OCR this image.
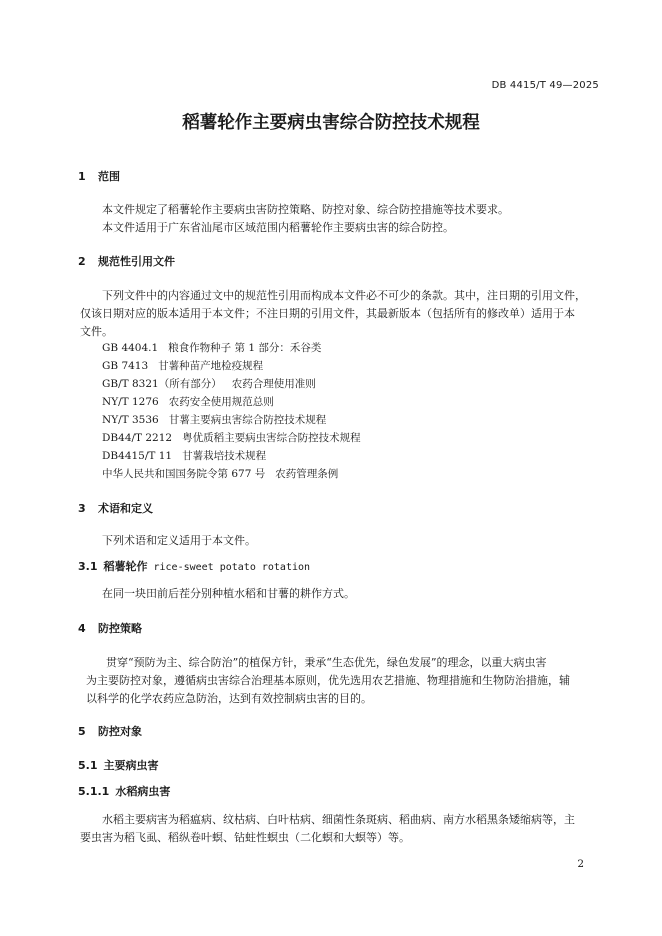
DB 4415/T 49—2025
稻薯轮作主要病虫害综合防控技术规程
1 范围
本文件规定了稻薯轮作主要病虫害防控策略、防控对象、综合防控措施等技术要求。
本文件适用于广东省汕尾市区域范围内稻薯轮作主要病虫害的综合防控。
2 规范性引用文件
下列文件中的内容通过文中的规范性引用而构成本文件必不可少的条款。其中，注日期的引用文件，
仅该日期对应的版本适用于本文件；不注日期的引用文件，其最新版本（包括所有的修改单）适用于本
文件。
GB 4404.1 粮食作物种子 第 1 部分：禾谷类
GB 7413 甘薯种苗产地检疫规程
GB/T 8321（所有部分） 农药合理使用准则
NY/T 1276 农药安全使用规范总则
NY/T 3536 甘薯主要病虫害综合防控技术规程
DB44/T 2212 粤优质稻主要病虫害综合防控技术规程
DB4415/T 11 甘薯栽培技术规程
中华人民共和国国务院令第 677 号 农药管理条例
3 术语和定义
下列术语和定义适用于本文件。
3.1 稻薯轮作 rice-sweet potato rotation
在同一块田前后茬分别种植水稻和甘薯的耕作方式。
4 防控策略
贯穿“预防为主、综合防治”的植保方针，秉承“生态优先，绿色发展”的理念，以重大病虫害
为主要防控对象，遵循病虫害综合治理基本原则，优先选用农艺措施、物理措施和生物防治措施，辅
以科学的化学农药应急防治，达到有效控制病虫害的目的。
5 防控对象
5.1 主要病虫害
5.1.1 水稻病虫害
水稻主要病害为稻瘟病、纹枯病、白叶枯病、细菌性条斑病、稻曲病、南方水稻黑条矮缩病等，主
要虫害为稻飞虱、稻纵卷叶螟、钻蛀性螟虫（二化螟和大螟等）等。
2
